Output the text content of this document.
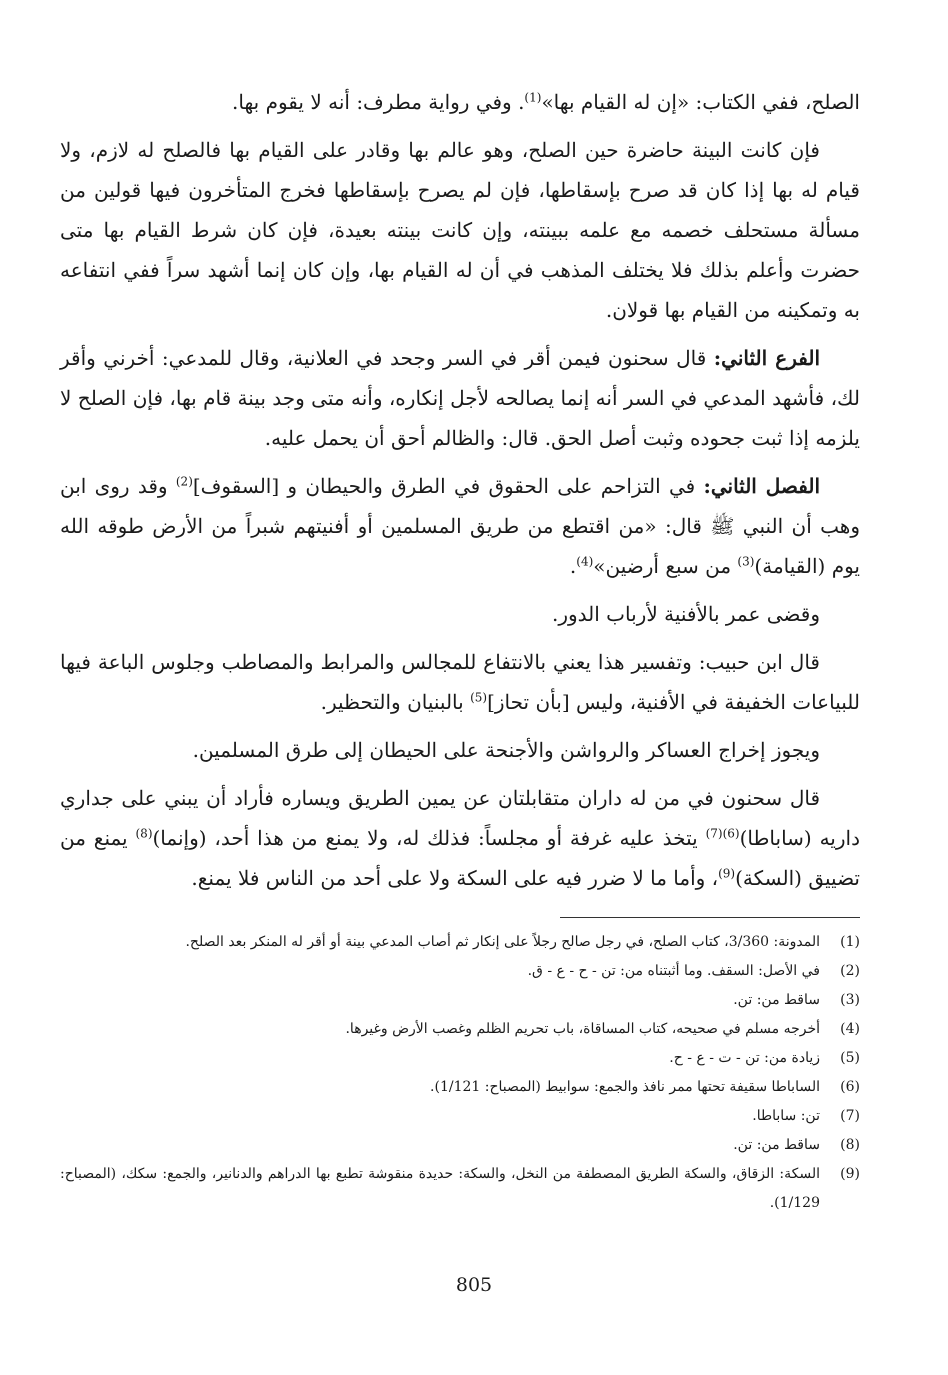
الصلح، ففي الكتاب: «إن له القيام بها»$^{(1)}$. وفي رواية مطرف: أنه لا يقوم بها.

فإن كانت البينة حاضرة حين الصلح، وهو عالم بها وقادر على القيام بها فالصلح له لازم، ولا قيام له بها إذا كان قد صرح بإسقاطها، فإن لم يصرح بإسقاطها فخرج المتأخرون فيها قولين من مسألة مستحلف خصمه مع علمه ببينته، وإن كانت بينته بعيدة، فإن كان شرط القيام بها متى حضرت وأعلم بذلك فلا يختلف المذهب في أن له القيام بها، وإن كان إنما أشهد سراً ففي انتفاعه به وتمكينه من القيام بها قولان.

الفرع الثاني: قال سحنون فيمن أقر في السر وجحد في العلانية، وقال للمدعي: أخرني وأقر لك، فأشهد المدعي في السر أنه إنما يصالحه لأجل إنكاره، وأنه متى وجد بينة قام بها، فإن الصلح لا يلزمه إذا ثبت جحوده وثبت أصل الحق. قال: والظالم أحق أن يحمل عليه.

الفصل الثاني: في التزاحم على الحقوق في الطرق والحيطان و [السقوف]$^{(2)}$ وقد روى ابن وهب أن النبي ﷺ قال: «من اقتطع من طريق المسلمين أو أفنيتهم شبراً من الأرض طوقه الله يوم (القيامة)$^{(3)}$ من سبع أرضين»$^{(4)}$.

وقضى عمر بالأفنية لأرباب الدور.

قال ابن حبيب: وتفسير هذا يعني بالانتفاع للمجالس والمرابط والمصاطب وجلوس الباعة فيها للبياعات الخفيفة في الأفنية، وليس [بأن تحاز]$^{(5)}$ بالبنيان والتحظير.

ويجوز إخراج العساكر والرواشن والأجنحة على الحيطان إلى طرق المسلمين.

قال سحنون في من له داران متقابلتان عن يمين الطريق ويساره فأراد أن يبني على جداري داريه (ساباطا)$^{(6)(7)}$ يتخذ عليه غرفة أو مجلساً: فذلك له، ولا يمنع من هذا أحد، (وإنما)$^{(8)}$ يمنع من تضييق (السكة)$^{(9)}$، وأما ما لا ضرر فيه على السكة ولا على أحد من الناس فلا يمنع.

(1)
المدونة: 3/360، كتاب الصلح، في رجل صالح رجلاً على إنكار ثم أصاب المدعي بينة أو أقر له المنكر بعد الصلح.
(2)
في الأصل: السقف. وما أثبتناه من: تن - ح - ع - ق.
(3)
ساقط من: تن.
(4)
أخرجه مسلم في صحيحه، كتاب المساقاة، باب تحريم الظلم وغصب الأرض وغيرها.
(5)
زيادة من: تن - ت - ع - ح.
(6)
الساباطا سقيفة تحتها ممر نافذ والجمع: سوابيط (المصباح: 1/121).
(7)
تن: ساباطا.
(8)
ساقط من: تن.
(9)
السكة: الزقاق، والسكة الطريق المصطفة من النخل، والسكة: حديدة منقوشة تطبع بها الدراهم والدنانير، والجمع: سكك، (المصباح: 1/129).
805
